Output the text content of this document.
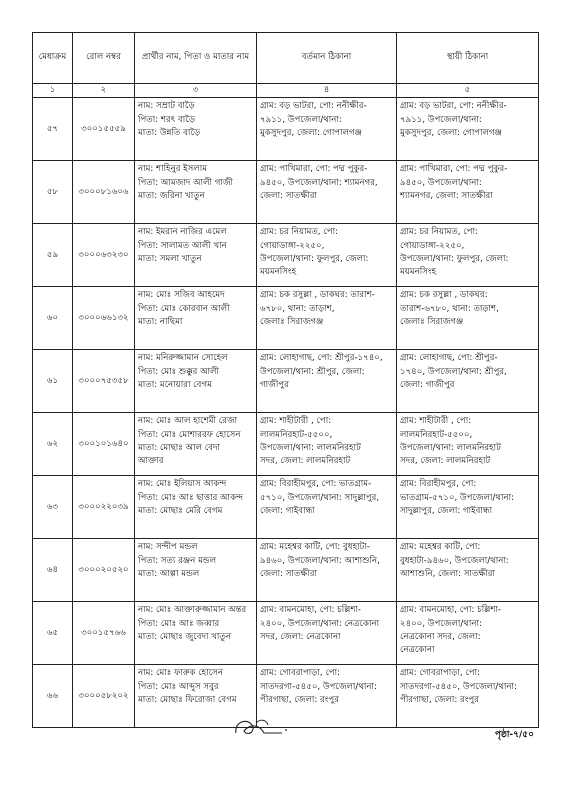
মেধাক্রম	রোল নম্বর	প্রার্থীর নাম, পিতা ও মাতার নাম	বর্তমান ঠিকানা	স্থায়ী ঠিকানা
১	২	৩	৪	৫
৫৭	৩০০১৫৫৫৯	নাম: সম্রাট বাড়ৈ
পিতা: শরৎ বাড়ৈ
মাতা: উন্নতি বাড়ৈ	গ্রাম: বড় ভাটরা, পো: ননীক্ষীর-
৭৯১১, উপজেলা/থানা:
মুকসুদপুর, জেলা: গোপালগঞ্জ	গ্রাম: বড় ভাটরা, পো: ননীক্ষীর-
৭৯১১, উপজেলা/থানা:
মুকসুদপুর, জেলা: গোপালগঞ্জ

৫৮	৩০০০৮১৬০৬	নাম: শাহিনুর ইসলাম
পিতা: আমজাদ আলী গাজী
মাতা: জরিনা খাতুন	গ্রাম: পাখিমারা, পো: পদ্ম পুকুর-
৯৪৫০, উপজেলা/থানা: শ্যামনগর,
জেলা: সাতক্ষীরা	গ্রাম: পাখিমারা, পো: পদ্ম পুকুর-
৯৪৫০, উপজেলা/থানা:
শ্যামনগর, জেলা: সাতক্ষীরা

৫৯	৩০০০৬৩২৩০	নাম: ইমরান নাজির এমেল
পিতা: সালামত আলী খান
মাতা: সমলা খাতুন	গ্রাম: চর নিয়ামত, পো:
গোয়াডাঙ্গা-২২৫০,
উপজেলা/থানা: ফুলপুর, জেলা:
ময়মনসিংহ	গ্রাম: চর নিয়ামত, পো:
গোয়াডাঙ্গা-২২৫০,
উপজেলা/থানা: ফুলপুর, জেলা:
ময়মনসিংহ

৬০	৩০০০৬৬১৩২	নাম: মোঃ সজিব আহমেদ
পিতা: মোঃ কোরবান আলী
মাতা: নাছিমা	গ্রাম: চক রসুল্লা , ডাকঘর: তারাশ-
৬৭৮০, থানা: তাড়াশ,
জেলাঃ সিরাজগঞ্জ	গ্রাম: চক রসুল্লা , ডাকঘর:
তারাশ-৬৭৮০, থানা: তাড়াশ,
জেলাঃ সিরাজগঞ্জ

৬১	৩০০০৭৫৩৫৮	নাম: মনিরুজ্জামান সোহেল
পিতা: মোঃ শুক্কুর আলী
মাতা: মনোয়ারা বেগম	গ্রাম: লোহাগাছ, পো: শ্রীপুর-১৭৪০,
উপজেলা/থানা: শ্রীপুর, জেলা:
গাজীপুর	গ্রাম: লোহাগাছ, পো: শ্রীপুর-
১৭৪০, উপজেলা/থানা: শ্রীপুর,
জেলা: গাজীপুর

৬২	৩০০১০১৬৪০	নাম: মোঃ আল হাশেমী রেজা
পিতা: মোঃ মোশাররফ হোসেন
মাতা: মোছাঃ আল বেদা
আক্তার	গ্রাম: শাহীটারী , পো:
লালমনিরহাট-৫৫০০,
উপজেলা/থানা: লালমনিরহাট
সদর, জেলা: লালমনিরহাট	গ্রাম: শাহীটারী , পো:
লালমনিরহাট-৫৫০০,
উপজেলা/থানা: লালমনিরহাট
সদর, জেলা: লালমনিরহাট

৬৩	৩০০০২২০৩৯	নাম: মোঃ ইলিয়াস আকন্দ
পিতা: মোঃ আঃ ছাত্তার আকন্দ
মাতা: মোছাঃ মেরি বেগম	গ্রাম: বিরাহীমপুর, পো: ভাতগ্রাম-
৫৭১০, উপজেলা/থানা: সাদুল্লাপুর,
জেলা: গাইবান্ধা	গ্রাম: বিরাহীমপুর, পো:
ভাতগ্রাম-৫৭১০, উপজেলা/থানা:
সাদুল্লাপুর, জেলা: গাইবান্ধা

৬৪	৩০০০২০৫২০	নাম: সন্দীপ মন্ডল
পিতা: সত্য রঞ্জন মন্ডল
মাতা: আল্পা মন্ডল	গ্রাম: মহেশ্বর কাটি, পো: বুধহাটা-
৯৪৬০, উপজেলা/থানা: আশাশুনি,
জেলা: সাতক্ষীরা	গ্রাম: মহেশ্বর কাটি, পো:
বুধহাটা-৯৪৬০, উপজেলা/থানা:
আশাশুনি, জেলা: সাতক্ষীরা

৬৫	৩০০১৫৭৬৬	নাম: মোঃ আক্তারুজ্জামান অন্তর
পিতা: মোঃ আঃ জব্বার
মাতা: মোছাঃ জুবেদা খাতুন	গ্রাম: বামনমোহা, পো: চল্লিশা-
২৪০০, উপজেলা/থানা: নেত্রকোনা
সদর, জেলা: নেত্রকোনা	গ্রাম: বামনমোহা, পো: চল্লিশা-
২৪০০, উপজেলা/থানা:
নেত্রকোনা সদর, জেলা:
নেত্রকোনা

৬৬	৩০০০৫৮২০২	নাম: মোঃ ফারুক হোসেন
পিতা: মোঃ আব্দুস সবুর
মাতা: মোছাঃ ফিরোজা বেগম	গ্রাম: গোবরাপাড়া, পো:
সাতদরগা-৫৪৫০, উপজেলা/থানা:
পীরগাছা, জেলা: রংপুর	গ্রাম: গোবরাপাড়া, পো:
সাতদরগা-৫৪৫০, উপজেলা/থানা:
পীরগাছা, জেলা: রংপুর
পৃষ্ঠা-৭/৫০
